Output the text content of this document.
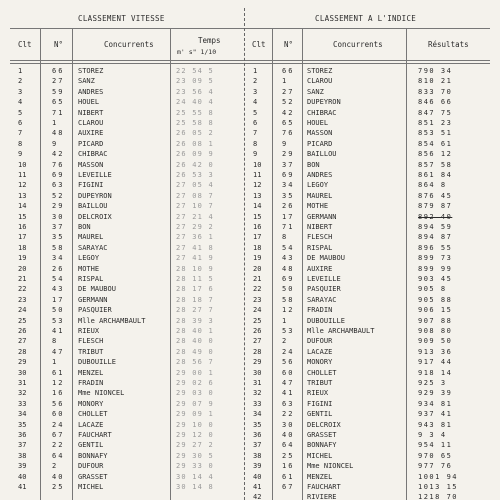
CLASSEMENT VITESSE	CLASSEMENT A L'INDICE
Clt	N°	Concurrents	Temps
m' s" 1/10
Clt N°	Concurrents	Résultats
1	66 STOREZ	22 54 5
2	27 SANZ	23 09 5
3	59 ANDRES	23 56 4
4	65 HOUEL	24 40 4
5	71 NIBERT	25 55 8
6	1	CLAROU	25 58 8
7	48 AUXIRE	26 05 2
8	9	PICARD	26 08 1
9	42 CHIBRAC	26 09 9
10	76 MASSON	26 42 0
11	69 LEVEILLE	26 53 3
12	63 FIGINI	27 05 4
13	52 DUPEYRON	27 08 7
14	29 BAILLOU	27 10 7
15	30 DELCROIX	27 21 4
16	37 BON	27 29 2
17	35 MAUREL	27 36 1
18	58 SARAYAC	27 41 8
19	34 LEGOY	27 41 9
20	26 MOTHE	28 10 9
21	54 RISPAL	28 11 5
22	43 DE MAUBOU	28 17 6
23	17 GERMANN	28 18 7
24	50 PASQUIER	28 27 7
25	53 Mlle ARCHAMBAULT	28 39 3
26	41 RIEUX	28 40 1
27	8	FLESCH	28 40 0
28	47 TRIBUT	28 49 0
29	1	DUBOUILLE	28 56 7
30	61 MENZEL	29 00 1
31	12 FRADIN	29 02 6
32	16 Mme NIONCEL	29 03 0
33	56 MONORY	29 07 9
34	60 CHOLLET	29 09 1
35	24 LACAZE	29 10 0
36	67 FAUCHART	29 12 0
37	22 GENTIL	29 27 2
38	64 BONNAFY	29 30 5
39	2	DUFOUR	29 33 0
40	40 GRASSET	30 14 4
41	25 MICHEL	30 14 8
1	66 STOREZ	790 34
2	1	CLAROU	810 21
3	27 SANZ	833 70
4	52 DUPEYRON	846 66
5	42 CHIBRAC	847 75
6	65 HOUEL	851 23
7	76 MASSON	853 51
8	9	PICARD	854 61
9	29 BAILLOU	856 12
10	37 BON	857 58
11	69 ANDRES	861 84
12	34 LEGOY	864 8
13	35 MAUREL	876 45
14	26 MOTHE	879 87
15	17 GERMANN	892 40
16	71 NIBERT	894 59
17	8	FLESCH	894 87
18	54 RISPAL	896 55
19	43 DE MAUBOU	899 73
20	48 AUXIRE	899 99
21	69 LEVEILLE	903 45
22	50 PASQUIER	905 8
23	58 SARAYAC	905 88
24	12 FRADIN	906 15
25	1	DUBOUILLE	907 88
26	53 Mlle ARCHAMBAULT	908 80
27	2	DUFOUR	909 50
28	24 LACAZE	913 36
29	56 MONORY	917 44
30	60 CHOLLET	918 14
31	47 TRIBUT	925 3
32	41 RIEUX	929 39
33	63 FIGINI	934 81
34	22 GENTIL	937 41
35	30 DELCROIX	943 81
36	40 GRASSET	9 3 4
37	64 BONNAFY	954 11
38	25 MICHEL	970 65
39	16 Mme NIONCEL	977 76
40	61 MENZEL	1001 94
41	67 FAUCHART	1013 15
42	RIVIERE	1218 70
